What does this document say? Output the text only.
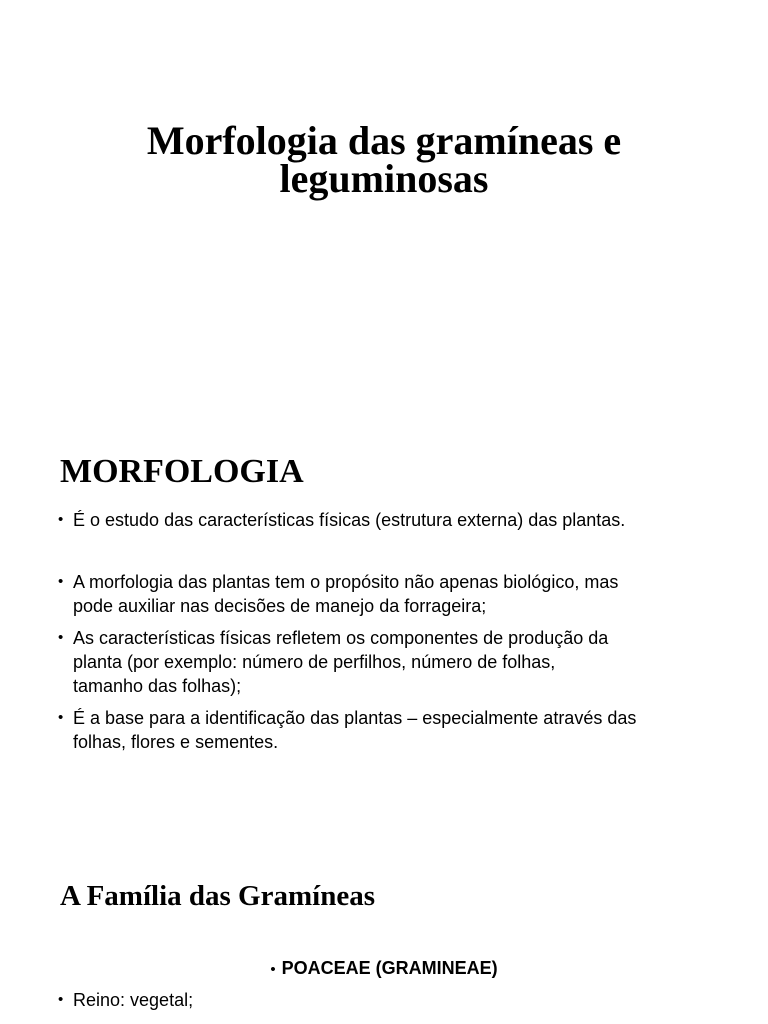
Morfologia das gramíneas e
leguminosas
MORFOLOGIA
• É o estudo das características físicas (estrutura externa) das plantas.
• A morfologia das plantas tem o propósito não apenas biológico, mas
pode auxiliar nas decisões de manejo da forrageira;
• As características físicas refletem os componentes de produção da
planta (por exemplo: número de perfilhos, número de folhas,
tamanho das folhas);
• É a base para a identificação das plantas – especialmente através das
folhas, flores e sementes.
A Família das Gramíneas
• POACEAE (GRAMINEAE)
• Reino: vegetal;
